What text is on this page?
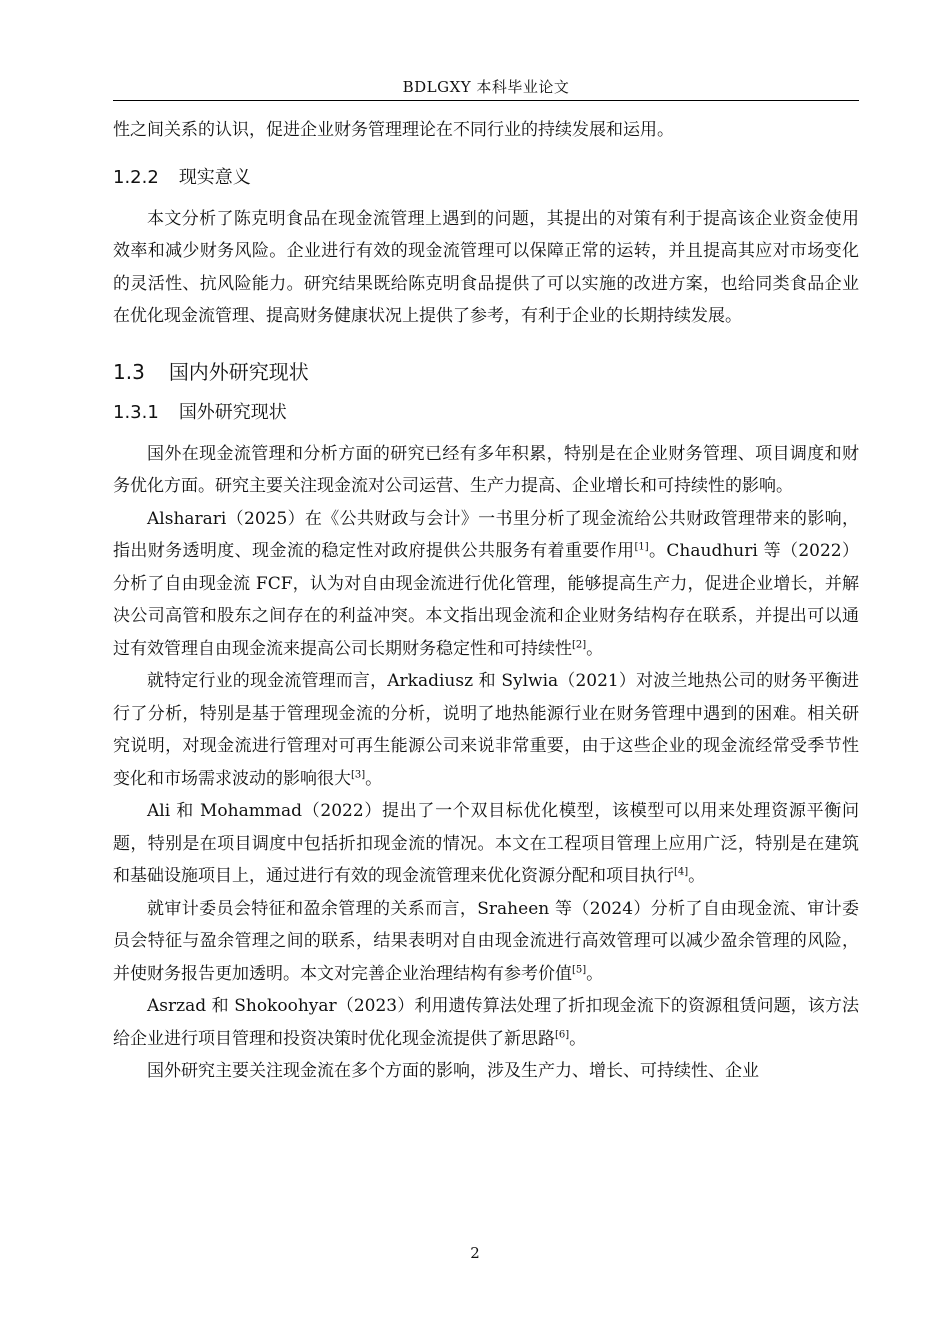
BDLGXY 本科毕业论文

性之间关系的认识，促进企业财务管理理论在不同行业的持续发展和运用。

1.2.2 现实意义

本文分析了陈克明食品在现金流管理上遇到的问题，其提出的对策有利于提高该企业资金使用效率和减少财务风险。企业进行有效的现金流管理可以保障正常的运转，并且提高其应对市场变化的灵活性、抗风险能力。研究结果既给陈克明食品提供了可以实施的改进方案，也给同类食品企业在优化现金流管理、提高财务健康状况上提供了参考，有利于企业的长期持续发展。

1.3 国内外研究现状
1.3.1 国外研究现状

国外在现金流管理和分析方面的研究已经有多年积累，特别是在企业财务管理、项目调度和财务优化方面。研究主要关注现金流对公司运营、生产力提高、企业增长和可持续性的影响。

Alsharari（2025）在《公共财政与会计》一书里分析了现金流给公共财政管理带来的影响，指出财务透明度、现金流的稳定性对政府提供公共服务有着重要作用[1]。Chaudhuri 等（2022）分析了自由现金流 FCF，认为对自由现金流进行优化管理，能够提高生产力，促进企业增长，并解决公司高管和股东之间存在的利益冲突。本文指出现金流和企业财务结构存在联系，并提出可以通过有效管理自由现金流来提高公司长期财务稳定性和可持续性[2]。

就特定行业的现金流管理而言，Arkadiusz 和 Sylwia（2021）对波兰地热公司的财务平衡进行了分析，特别是基于管理现金流的分析，说明了地热能源行业在财务管理中遇到的困难。相关研究说明，对现金流进行管理对可再生能源公司来说非常重要，由于这些企业的现金流经常受季节性变化和市场需求波动的影响很大[3]。

Ali 和 Mohammad（2022）提出了一个双目标优化模型，该模型可以用来处理资源平衡问题，特别是在项目调度中包括折扣现金流的情况。本文在工程项目管理上应用广泛，特别是在建筑和基础设施项目上，通过进行有效的现金流管理来优化资源分配和项目执行[4]。

就审计委员会特征和盈余管理的关系而言，Sraheen 等（2024）分析了自由现金流、审计委员会特征与盈余管理之间的联系，结果表明对自由现金流进行高效管理可以减少盈余管理的风险，并使财务报告更加透明。本文对完善企业治理结构有参考价值[5]。

Asrzad 和 Shokoohyar（2023）利用遗传算法处理了折扣现金流下的资源租赁问题，该方法给企业进行项目管理和投资决策时优化现金流提供了新思路[6]。

国外研究主要关注现金流在多个方面的影响，涉及生产力、增长、可持续性、企业

2
